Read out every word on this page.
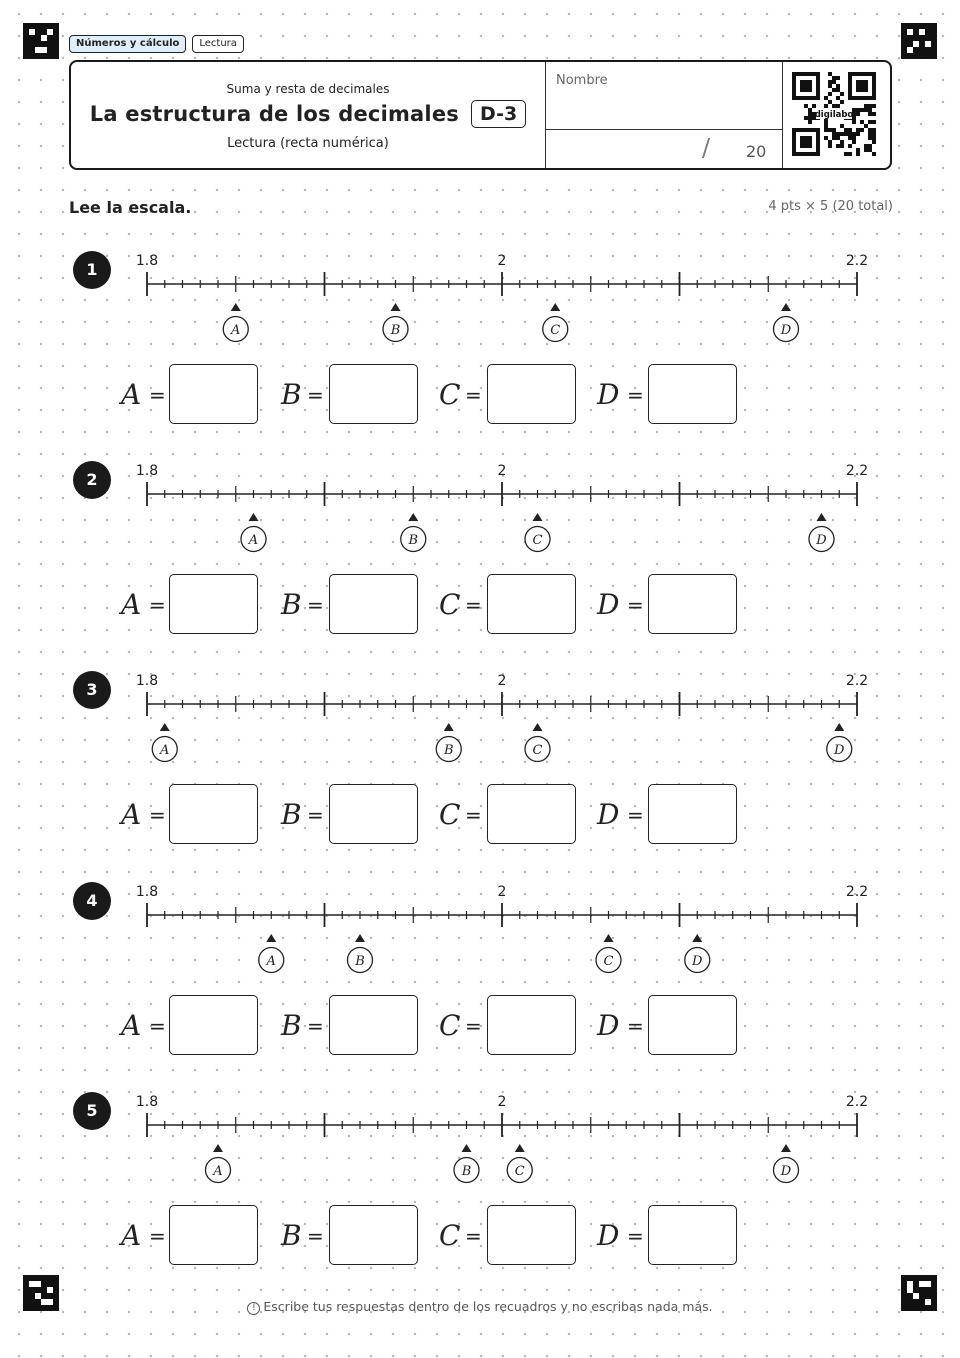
Números y cálculo	Lectura
Suma y resta de decimales
La estructura de los decimales	D-3
Lectura (recta numérica)
Nombre
/ 20
digilabo
Lee la escala.	4 pts × 5 (20 total)
1	1.8	2	2.2
A	B	C	D
A =	B =	C =	D =
2	1.8	2	2.2
A	B	C	D
A =	B =	C =	D =
3	1.8	2	2.2
A	B	C	D
A =	B =	C =	D =
4	1.8	2	2.2
A	B	C	D
A =	B =	C =	D =
5	1.8	2	2.2
A	B	C	D
A =	B =	C =	D =
! Escribe tus respuestas dentro de los recuadros y no escribas nada más.
